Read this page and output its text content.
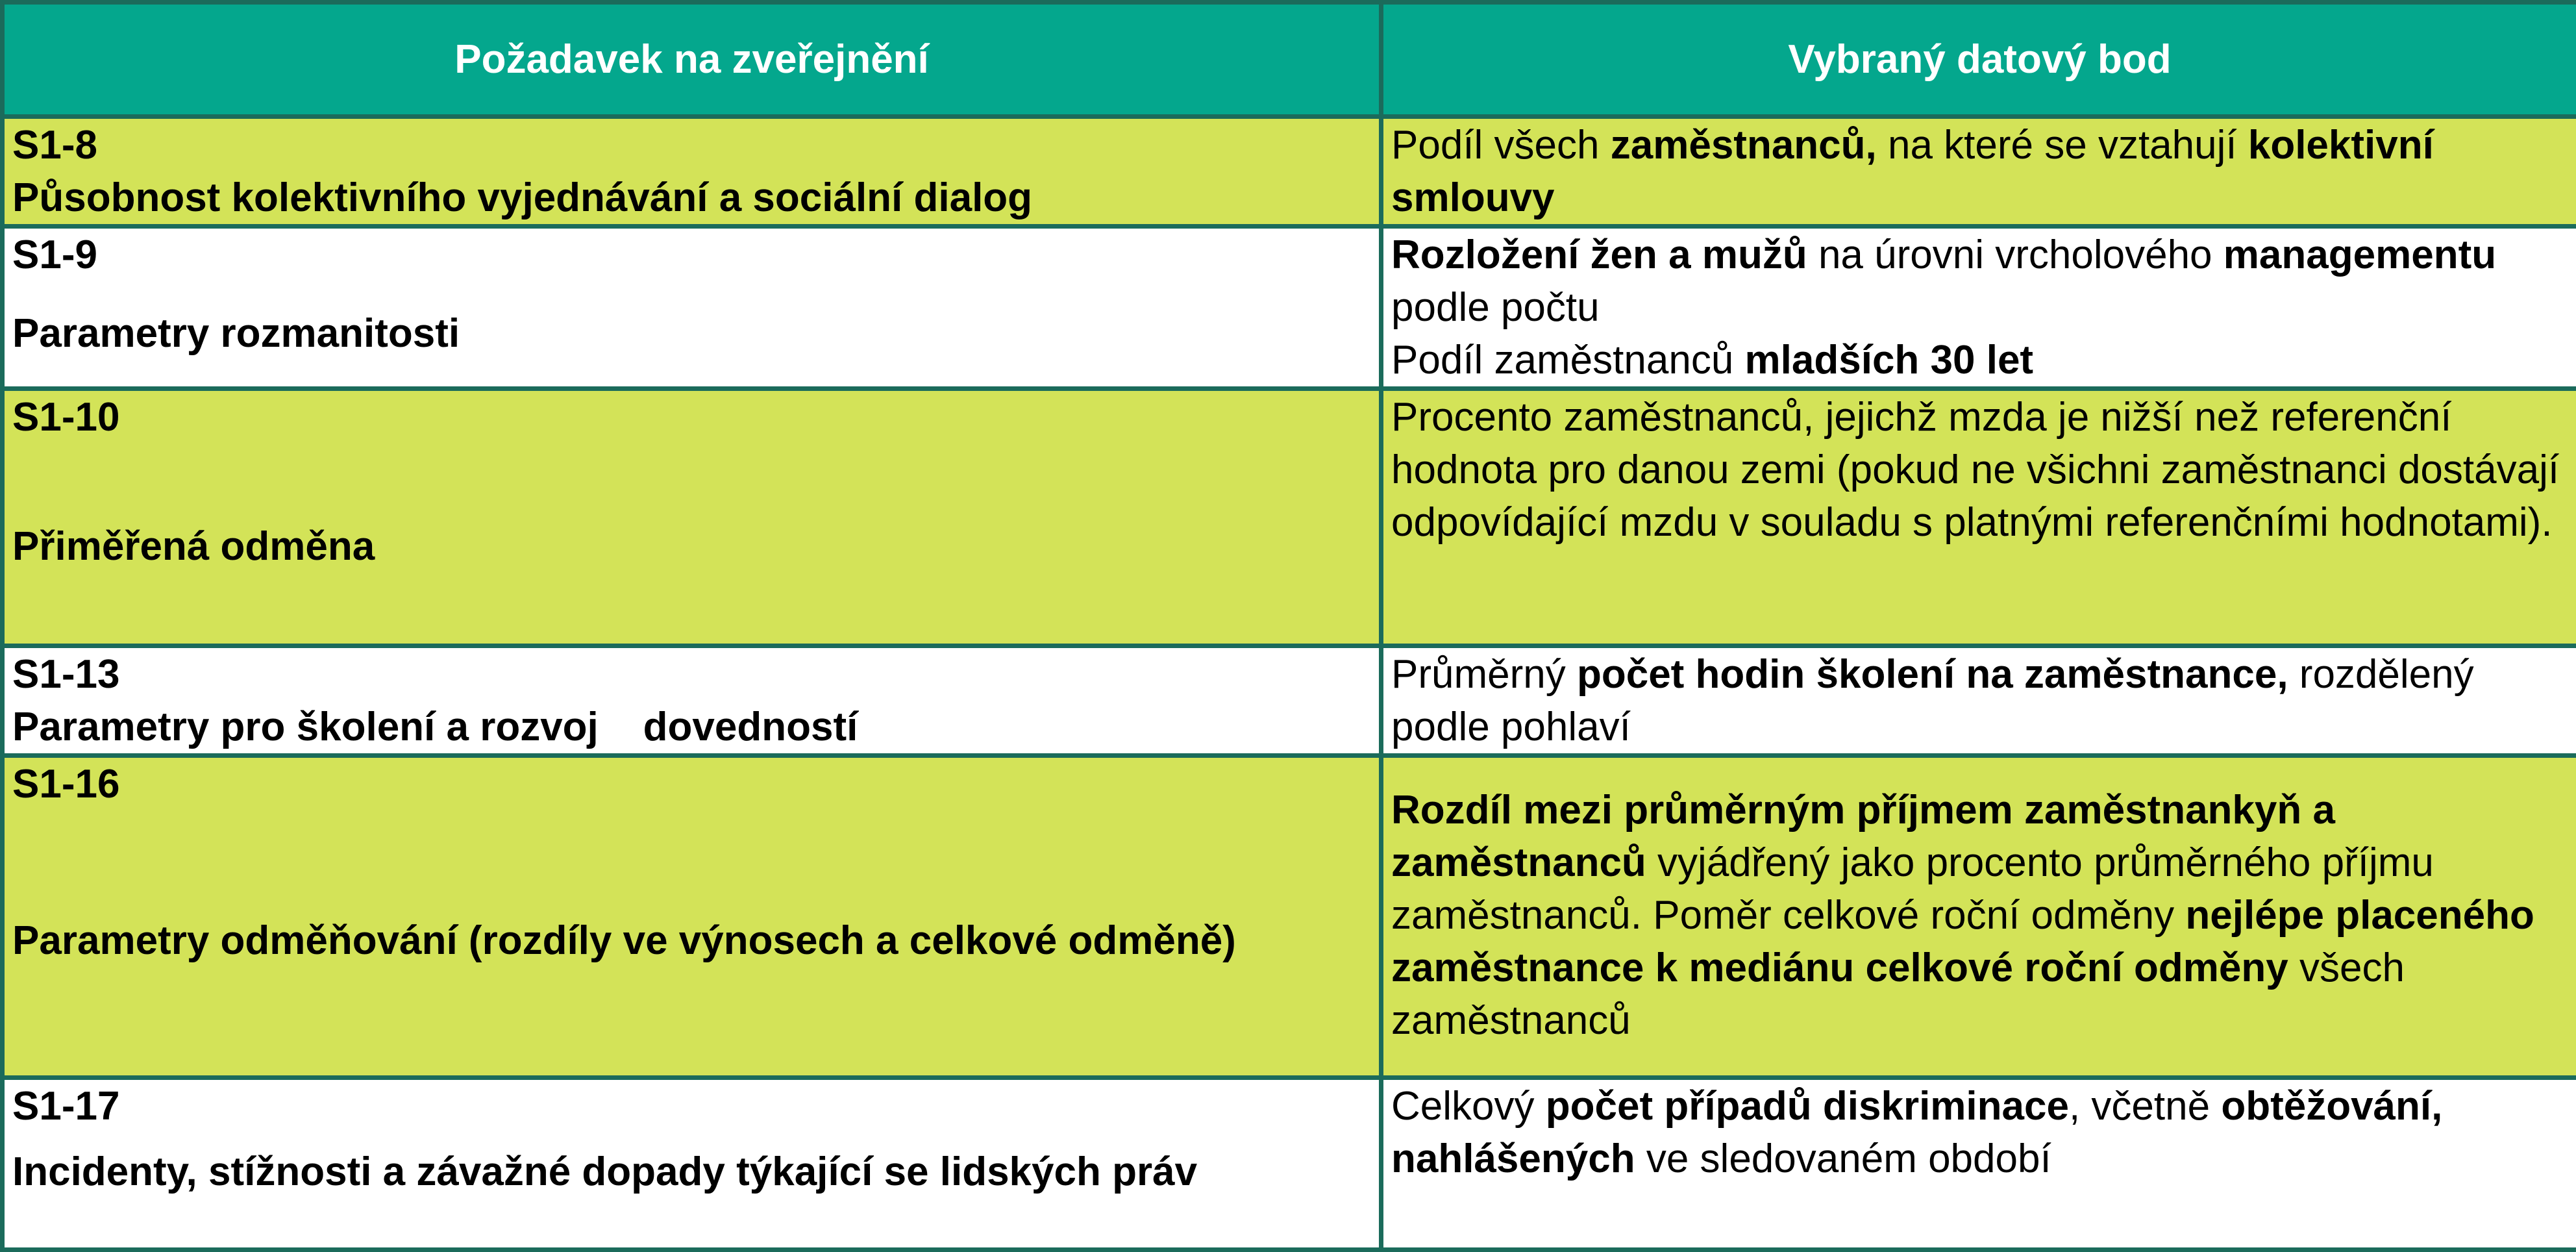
Požadavek na zveřejnění	Vybraný datový bod

S1-8
Působnost kolektivního vyjednávání a sociální dialog	Podíl všech zaměstnanců, na které se vztahují kolektivní smlouvy

S1-9
Parametry rozmanitosti	Rozložení žen a mužů na úrovni vrcholového managementu podle počtu
Podíl zaměstnanců mladších 30 let

S1-10
Přiměřená odměna	Procento zaměstnanců, jejichž mzda je nižší než referenční hodnota pro danou zemi (pokud ne všichni zaměstnanci dostávají odpovídající mzdu v souladu s platnými referenčními hodnotami).

S1-13
Parametry pro školení a rozvoj    dovedností	Průměrný počet hodin školení na zaměstnance, rozdělený podle pohlaví

S1-16
Parametry odměňování (rozdíly ve výnosech a celkové odměně)	Rozdíl mezi průměrným příjmem zaměstnankyň a zaměstnanců vyjádřený jako procento průměrného příjmu zaměstnanců. Poměr celkové roční odměny nejlépe placeného zaměstnance k mediánu celkové roční odměny všech zaměstnanců

S1-17
Incidenty, stížnosti a závažné dopady týkající se lidských práv	Celkový počet případů diskriminace, včetně obtěžování, nahlášených ve sledovaném období
